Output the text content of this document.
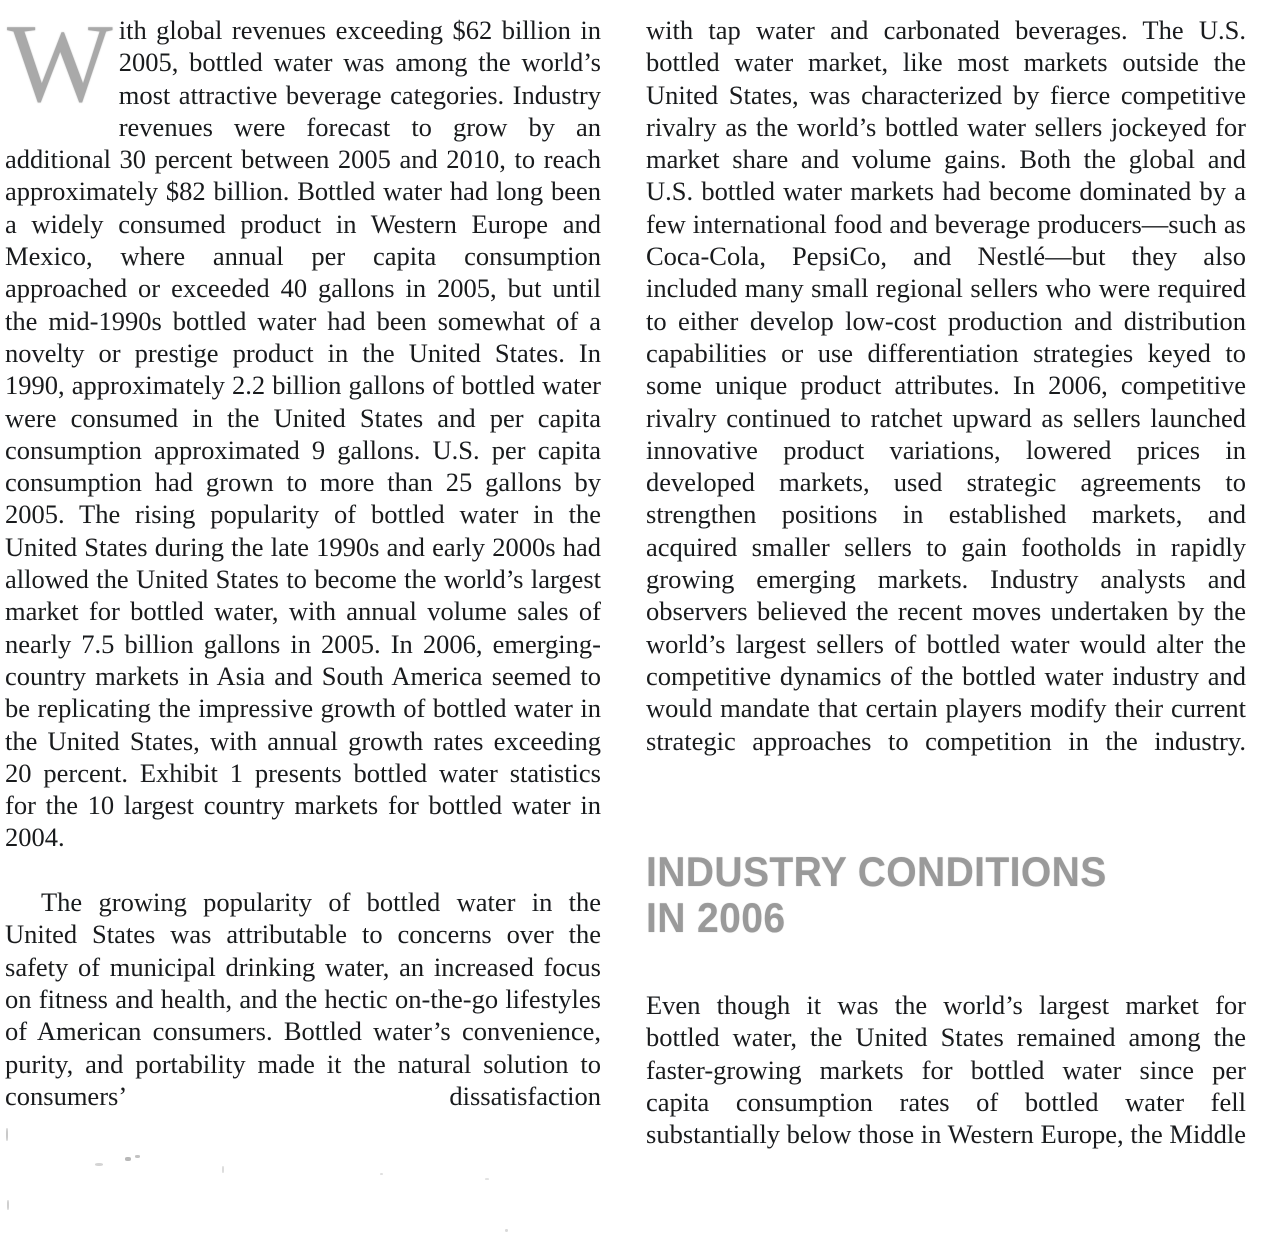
With global revenues exceeding $62 billion in 2005, bottled water was among the world’s most attractive beverage categories. Industry revenues were forecast to grow by an additional 30 percent between 2005 and 2010, to reach approximately $82 billion. Bottled water had long been a widely consumed product in Western Europe and Mexico, where annual per capita consumption approached or exceeded 40 gallons in 2005, but until the mid-1990s bottled water had been somewhat of a novelty or prestige product in the United States. In 1990, approximately 2.2 billion gallons of bottled water were consumed in the United States and per capita consumption approximated 9 gallons. U.S. per capita consumption had grown to more than 25 gallons by 2005. The rising popularity of bottled water in the United States during the late 1990s and early 2000s had allowed the United States to become the world’s largest market for bottled water, with annual volume sales of nearly 7.5 billion gallons in 2005. In 2006, emerging-country markets in Asia and South America seemed to be replicating the impressive growth of bottled water in the United States, with annual growth rates exceeding 20 percent. Exhibit 1 presents bottled water statistics for the 10 largest country markets for bottled water in 2004.

The growing popularity of bottled water in the United States was attributable to concerns over the safety of municipal drinking water, an increased focus on fitness and health, and the hectic on-the-go lifestyles of American consumers. Bottled water’s convenience, purity, and portability made it the natural solution to consumers’ dissatisfaction

with tap water and carbonated beverages. The U.S. bottled water market, like most markets outside the United States, was characterized by fierce competitive rivalry as the world’s bottled water sellers jockeyed for market share and volume gains. Both the global and U.S. bottled water markets had become dominated by a few international food and beverage producers—such as Coca-Cola, PepsiCo, and Nestlé—but they also included many small regional sellers who were required to either develop low-cost production and distribution capabilities or use differentiation strategies keyed to some unique product attributes. In 2006, competitive rivalry continued to ratchet upward as sellers launched innovative product variations, lowered prices in developed markets, used strategic agreements to strengthen positions in established markets, and acquired smaller sellers to gain footholds in rapidly growing emerging markets. Industry analysts and observers believed the recent moves undertaken by the world’s largest sellers of bottled water would alter the competitive dynamics of the bottled water industry and would mandate that certain players modify their current strategic approaches to competition in the industry.

INDUSTRY CONDITIONS
IN 2006

Even though it was the world’s largest market for bottled water, the United States remained among the faster-growing markets for bottled water since per capita consumption rates of bottled water fell substantially below those in Western Europe, the Middle
